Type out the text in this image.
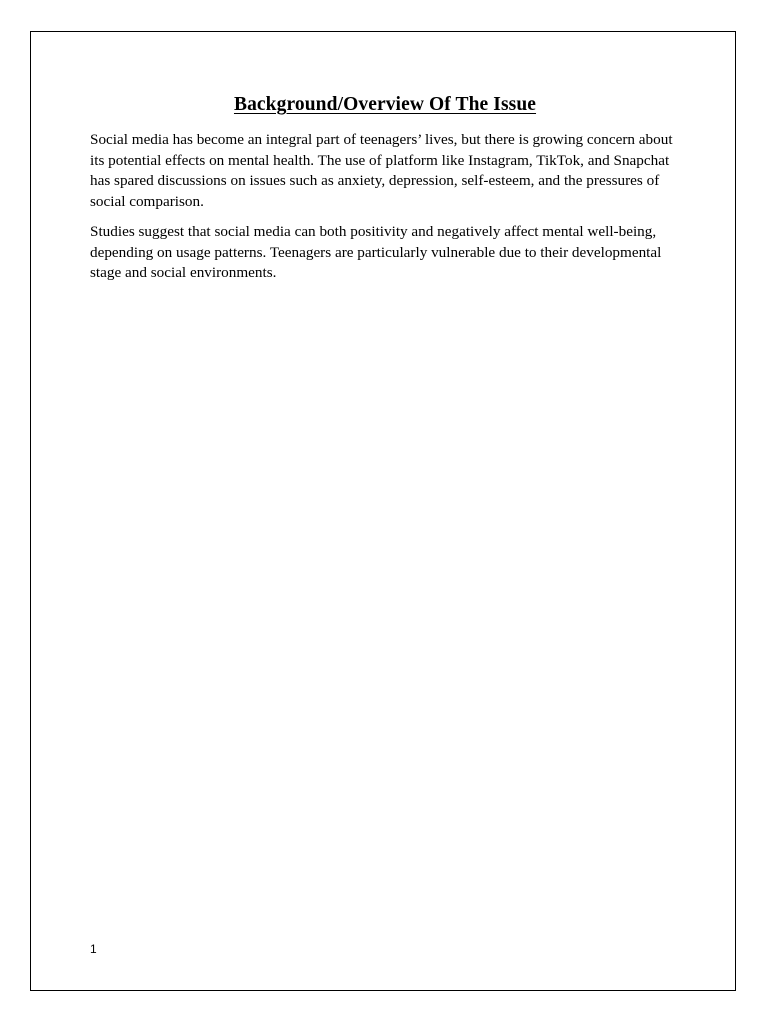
Background/Overview Of The Issue

Social media has become an integral part of teenagers’ lives, but there is growing concern about its potential effects on mental health. The use of platform like Instagram, TikTok, and Snapchat has spared discussions on issues such as anxiety, depression, self-esteem, and the pressures of social comparison.

Studies suggest that social media can both positivity and negatively affect mental well-being, depending on usage patterns. Teenagers are particularly vulnerable due to their developmental stage and social environments.

1
